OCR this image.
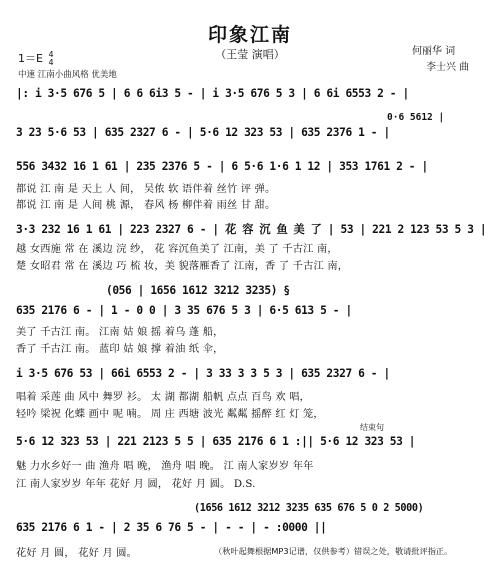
印象江南
（王莹 演唱）	何丽华 词
李士兴 曲
1＝E 4
4
中速 江南小曲风格 优美地
|: i 3·5 676 5 | 6 6 6i3 5 - | i 3·5 676 5 3 | 6 6i 6553 2 - |
0·6 5612 |
3 23 5·6 53 | 635 2327 6 - | 5·6 12 323 53 | 635 2376 1 - |
556 3432 16 1 61 | 235 2376 5 - | 6 5·6 1·6 1 12 | 353 1761 2 - |
都说 江 南 是 天上 人 间， 吴侬 软 语伴着 丝竹 评 弹。
都说 江 南 是 人间 桃 源， 春风 杨 柳伴着 雨丝 甘 甜。
3·3 232 16 1 61 | 223 2327 6 - | 花 容 沉 鱼 美 了 | 53 | 221 2 123 53 5 3 |
越 女西施 常 在 溪边 浣 纱， 花 容沉鱼美了 江南，美 了 千古江 南，
楚 女昭君 常 在 溪边 巧 梳 妆，美 貌落雁香了 江南，香 了 千古江 南，
(056 | 1656 1612 3212 3235) §
635 2176 6 - | 1 - 0 0 | 3 35 676 5 3 | 6·5 613 5 - |
美了 千古江 南。 江南 姑 娘 摇 着乌 蓬 船，
香了 千古江 南。 蓝印 姑 娘 撑 着油 纸 伞，
i 3·5 676 53 | 66i 6553 2 - | 3 33 3 3 5 3 | 635 2327 6 - |
唱着 采莲 曲 风中 舞罗 衫。 太 湖 都湖 船帆 点点 百鸟 欢 唱，
轻吟 梁祝 化蝶 画中 呢 喃。 周 庄 西塘 波光 粼粼 摇醉 红 灯 笼，
结束句
5·6 12 323 53 | 221 2123 5 5 | 635 2176 6 1 :|| 5·6 12 323 53 |
魅 力水乡好一 曲 渔舟 唱 晚， 渔舟 唱 晚。 江 南人家岁岁 年年
江 南人家岁岁 年年 花好 月 圆， 花好 月 圆。 D.S.
(1656 1612 3212 3235 635 676 5 0 2 5000)
635 2176 6 1 - | 2 35 6 76 5 - | - - | - :0000 ||
花好 月 圆， 花好 月 圆。	（秋叶起舞根据MP3记谱，仅供参考）错误之处，敬请批评指正。
